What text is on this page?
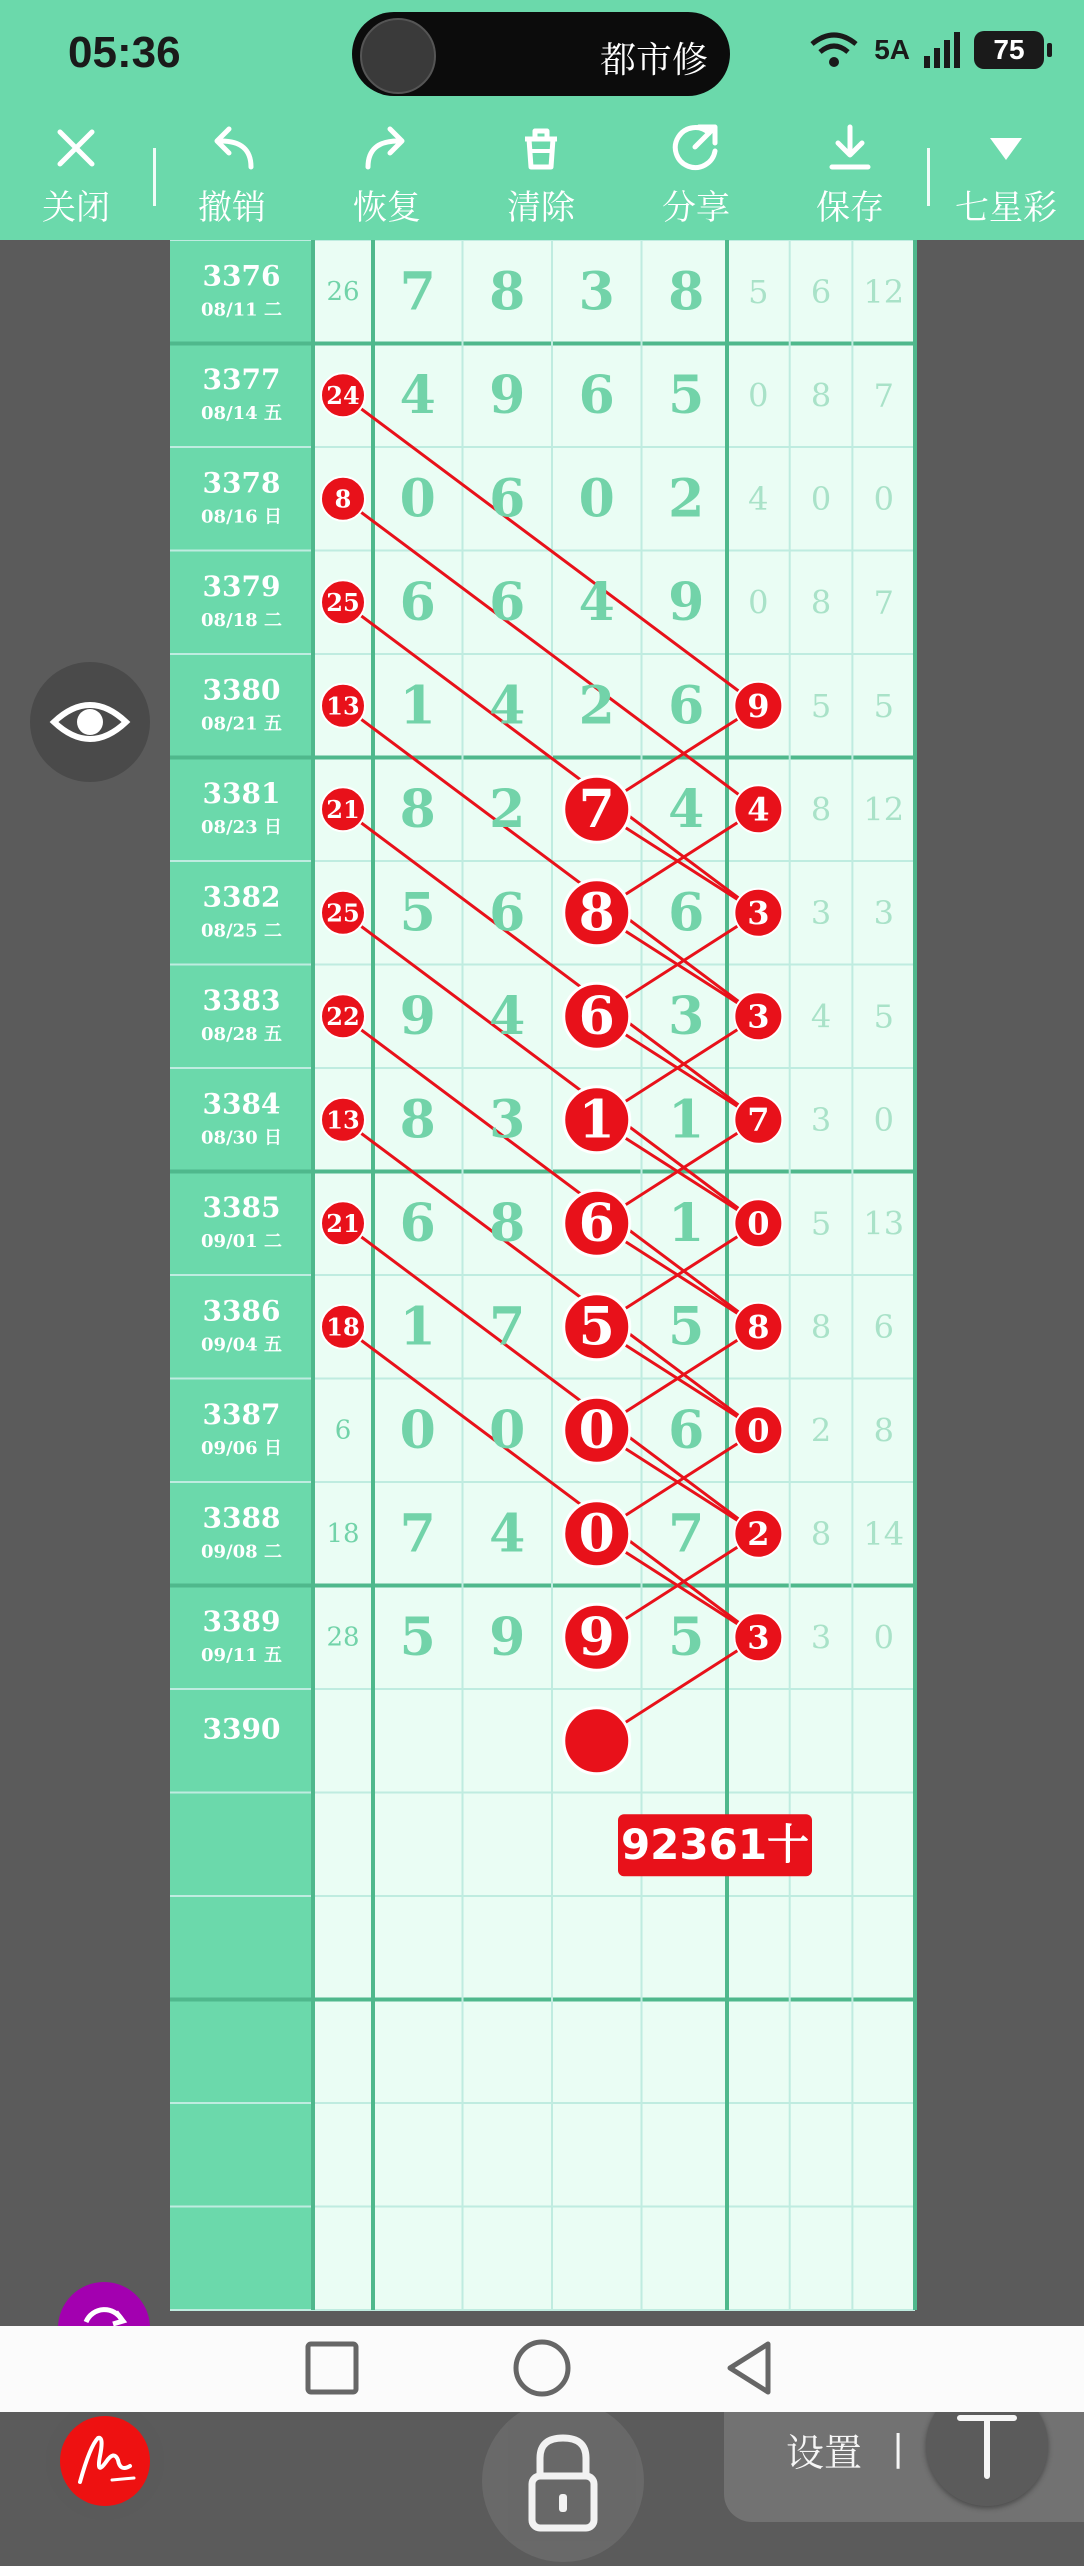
05:36	都市修	5A	75
关闭	撤销	恢复	清除	分享	保存	七星彩
3376
08/11 二
26 7 8 3 8 5 6 12
3377
08/14 五
24 4 9 6 5 0 8 7
3378
08/16 日
8 0 6 0 2 4 0 0
3379
08/18 二
25 6 6 4 9 0 8 7
3380
08/21 五
13 1 4 2 6 9 5 5
3381
08/23 日
21 8 2 7 4 4 8 12
3382
08/25 二
25 5 6 8 6 3 3 3
3383
08/28 五
22 9 4 6 3 3 4 5
3384
08/30 日
13 8 3 1 1 7 3 0
3385
09/01 二
21 6 8 6 1 0 5 13
3386
09/04 五
18 1 7 5 5 8 8 6
3387
09/06 日
6 0 0 0 6 0 2 8
3388
09/08 二
18 7 4 0 7 2 8 14
3389
09/11 五
28 5 9 9 5 3 3 0
3390
92361十
设置 |
